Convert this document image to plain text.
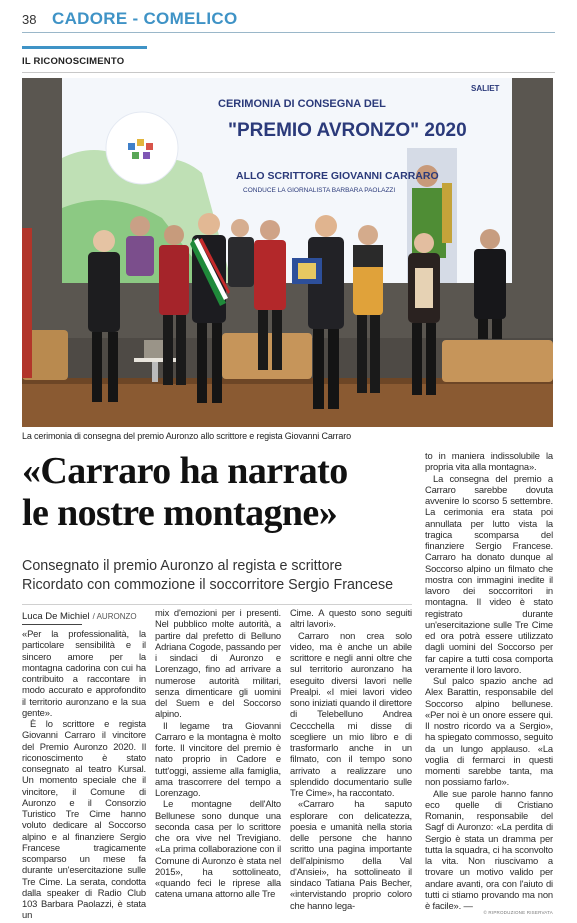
38 CADORE - COMELICO
IL RICONOSCIMENTO
CERIMONIA DI CONSEGNA DEL
"PREMIO AVRONZO" 2020
ALLO SCRITTORE GIOVANNI CARRARO
CONDUCE LA GIORNALISTA BARBARA PAOLAZZI
SALIET
La cerimonia di consegna del premio Auronzo allo scrittore e regista Giovanni Carraro
«Carraro ha narrato
le nostre montagne»
Consegnato il premio Auronzo al regista e scrittore
Ricordato con commozione il soccorritore Sergio Francese
Luca De Michiel / AURONZO

«Per la professionalità, la particolare sensibilità e il sincero amore per la montagna cadorina con cui ha contribuito a raccontare in modo accurato e approfondito il territorio auronzano e la sua gente».

È lo scrittore e regista Giovanni Carraro il vincitore del Premio Auronzo 2020. Il riconoscimento è stato consegnato al teatro Kursal. Un momento speciale che il vincitore, il Comune di Auronzo e il Consorzio Turistico Tre Cime hanno voluto dedicare al Soccorso alpino e al finanziere Sergio Francese tragicamente scomparso un mese fa durante un'esercitazione sulle Tre Cime. La serata, condotta dalla speaker di Radio Club 103 Barbara Paolazzi, è stata un

mix d'emozioni per i presenti. Nel pubblico molte autorità, a partire dal prefetto di Belluno Adriana Cogode, passando per i sindaci di Auronzo e Lorenzago, fino ad arrivare a numerose autorità militari, senza dimenticare gli uomini del Suem e del Soccorso alpino.

Il legame tra Giovanni Carraro e la montagna è molto forte. Il vincitore del premio è nato proprio in Cadore e tutt'oggi, assieme alla famiglia, ama trascorrere del tempo a Lorenzago.

Le montagne dell'Alto Bellunese sono dunque una seconda casa per lo scrittore che ora vive nel Trevigiano. «La prima collaborazione con il Comune di Auronzo è stata nel 2015», ha sottolineato, «quando feci le riprese alla catena umana attorno alle Tre

Cime. A questo sono seguiti altri lavori».

Carraro non crea solo video, ma è anche un abile scrittore e negli anni oltre che sul territorio auronzano ha eseguito diversi lavori nelle Prealpi. «I miei lavori video sono iniziati quando il direttore di Telebelluno Andrea Ceccchella mi disse di scegliere un mio libro e di trasformarlo anche in un filmato, con il tempo sono arrivato a realizzare uno splendido documentario sulle Tre Cime», ha raccontato.

«Carraro ha saputo esplorare con delicatezza, poesia e umanità nella storia delle persone che hanno scritto una pagina importante dell'alpinismo della Val d'Ansiei», ha sottolineato il sindaco Tatiana Pais Becher, «intervistando proprio coloro che hanno lega-

to in maniera indissolubile la propria vita alla montagna».

La consegna del premio a Carraro sarebbe dovuta avvenire lo scorso 5 settembre. La cerimonia era stata poi annullata per lutto vista la tragica scomparsa del finanziere Sergio Francese. Carraro ha donato dunque al Soccorso alpino un filmato che mostra con immagini inedite il lavoro dei soccorritori in montagna. Il video è stato registrato durante un'esercitazione sulle Tre Cime ed ora potrà essere utilizzato dagli uomini del Soccorso per far capire a tutti cosa comporta veramente il loro lavoro.

Sul palco spazio anche ad Alex Barattin, responsabile del Soccorso alpino bellunese. «Per noi è un onore essere qui. Il nostro ricordo va a Sergio», ha spiegato commosso, seguito da un lungo applauso. «La voglia di fermarci in questi momenti sarebbe tanta, ma non possiamo farlo».

Alle sue parole hanno fanno eco quelle di Cristiano Romanin, responsabile del Sagf di Auronzo: «La perdita di Sergio è stata un dramma per tutta la squadra, ci ha sconvolto la vita. Non riuscivamo a trovare un motivo valido per andare avanti, ora con l'aiuto di tutti ci stiamo provando ma non è facile». —

© RIPRODUZIONE RISERVATA
